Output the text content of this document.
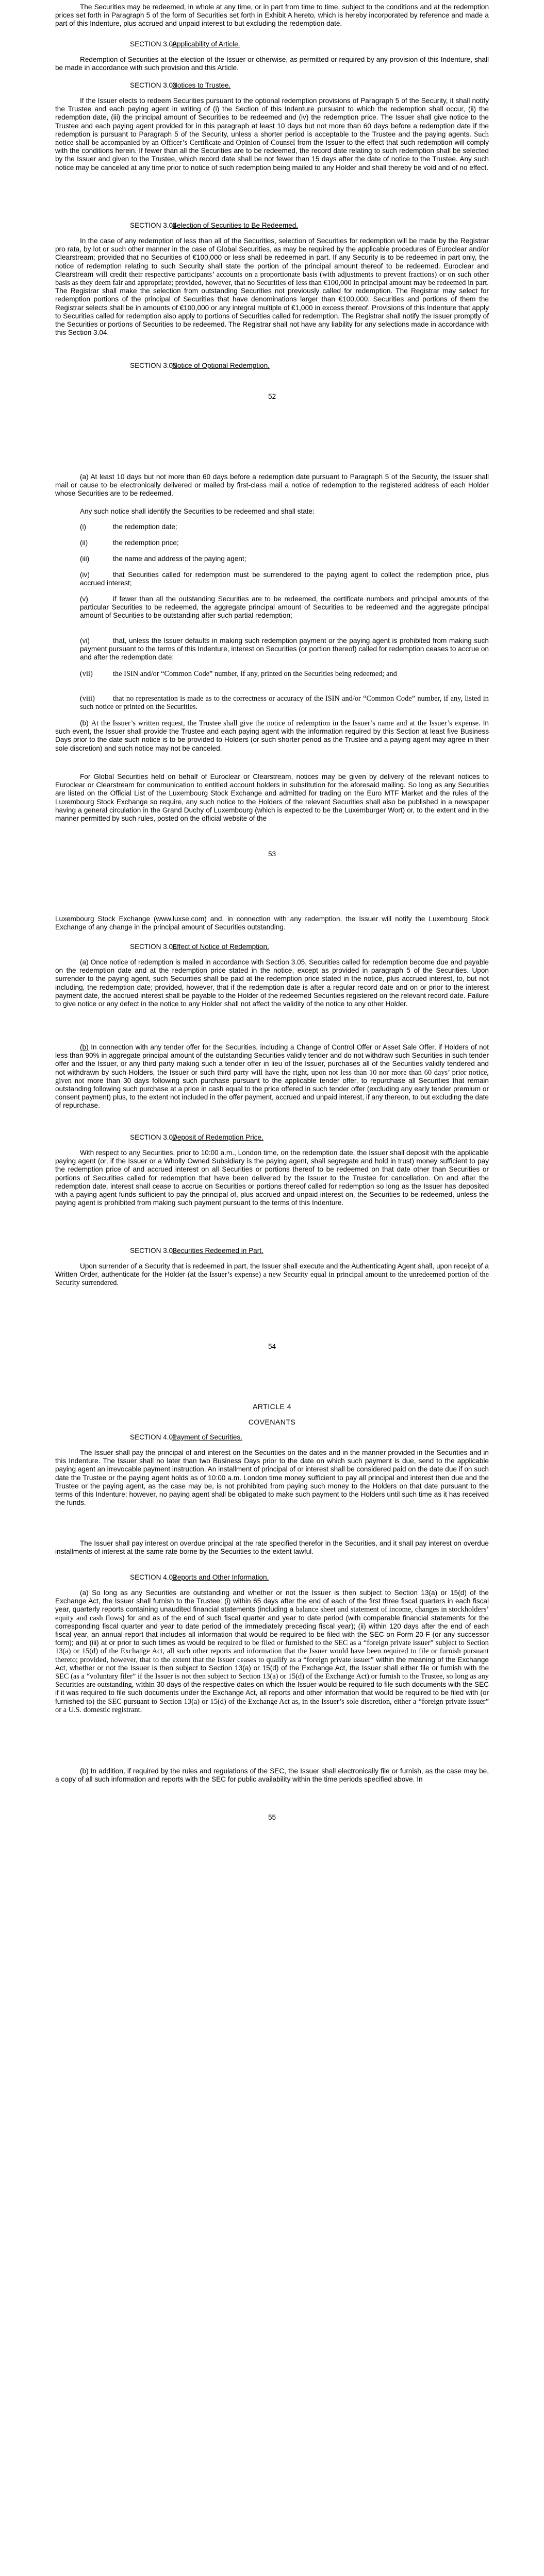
The Securities may be redeemed, in whole at any time, or in part from time to time, subject to the conditions and at the redemption prices set forth in Paragraph 5 of the form of Securities set forth in Exhibit A hereto, which is hereby incorporated by reference and made a part of this Indenture, plus accrued and unpaid interest to but excluding the redemption date.

SECTION 3.02Applicability of Article.

Redemption of Securities at the election of the Issuer or otherwise, as permitted or required by any provision of this Indenture, shall be made in accordance with such provision and this Article.

SECTION 3.03Notices to Trustee.

If the Issuer elects to redeem Securities pursuant to the optional redemption provisions of Paragraph 5 of the Security, it shall notify the Trustee and each paying agent in writing of (i) the Section of this Indenture pursuant to which the redemption shall occur, (ii) the redemption date, (iii) the principal amount of Securities to be redeemed and (iv) the redemption price. The Issuer shall give notice to the Trustee and each paying agent provided for in this paragraph at least 10 days but not more than 60 days before a redemption date if the redemption is pursuant to Paragraph 5 of the Security, unless a shorter period is acceptable to the Trustee and the paying agents. Such notice shall be accompanied by an Officer’s Certificate and Opinion of Counsel from the Issuer to the effect that such redemption will comply with the conditions herein. If fewer than all the Securities are to be redeemed, the record date relating to such redemption shall be selected by the Issuer and given to the Trustee, which record date shall be not fewer than 15 days after the date of notice to the Trustee. Any such notice may be canceled at any time prior to notice of such redemption being mailed to any Holder and shall thereby be void and of no effect.

SECTION 3.04Selection of Securities to Be Redeemed.

In the case of any redemption of less than all of the Securities, selection of Securities for redemption will be made by the Registrar pro rata, by lot or such other manner in the case of Global Securities, as may be required by the applicable procedures of Euroclear and/or Clearstream; provided that no Securities of €100,000 or less shall be redeemed in part. If any Security is to be redeemed in part only, the notice of redemption relating to such Security shall state the portion of the principal amount thereof to be redeemed. Euroclear and Clearstream will credit their respective participants’ accounts on a proportionate basis (with adjustments to prevent fractions) or on such other basis as they deem fair and appropriate; provided, however, that no Securities of less than €100,000 in principal amount may be redeemed in part. The Registrar shall make the selection from outstanding Securities not previously called for redemption. The Registrar may select for redemption portions of the principal of Securities that have denominations larger than €100,000. Securities and portions of them the Registrar selects shall be in amounts of €100,000 or any integral multiple of €1,000 in excess thereof. Provisions of this Indenture that apply to Securities called for redemption also apply to portions of Securities called for redemption. The Registrar shall notify the Issuer promptly of the Securities or portions of Securities to be redeemed. The Registrar shall not have any liability for any selections made in accordance with this Section 3.04.

SECTION 3.05Notice of Optional Redemption.
52

(a) At least 10 days but not more than 60 days before a redemption date pursuant to Paragraph 5 of the Security, the Issuer shall mail or cause to be electronically delivered or mailed by first-class mail a notice of redemption to the registered address of each Holder whose Securities are to be redeemed.

Any such notice shall identify the Securities to be redeemed and shall state:

(i)	the redemption date;

(ii)	the redemption price;

(iii)	the name and address of the paying agent;

(iv)	that Securities called for redemption must be surrendered to the paying agent to collect the redemption price, plus accrued interest;

(v)	if fewer than all the outstanding Securities are to be redeemed, the certificate numbers and principal amounts of the particular Securities to be redeemed, the aggregate principal amount of Securities to be redeemed and the aggregate principal amount of Securities to be outstanding after such partial redemption;

(vi)	that, unless the Issuer defaults in making such redemption payment or the paying agent is prohibited from making such payment pursuant to the terms of this Indenture, interest on Securities (or portion thereof) called for redemption ceases to accrue on and after the redemption date;

(vii)	the ISIN and/or “Common Code” number, if any, printed on the Securities being redeemed; and

(viii) that no representation is made as to the correctness or accuracy of the ISIN and/or “Common Code” number, if any, listed in such notice or printed on the Securities.

(b) At the Issuer’s written request, the Trustee shall give the notice of redemption in the Issuer’s name and at the Issuer’s expense. In such event, the Issuer shall provide the Trustee and each paying agent with the information required by this Section at least five Business Days prior to the date such notice is to be provided to Holders (or such shorter period as the Trustee and a paying agent may agree in their sole discretion) and such notice may not be canceled.

For Global Securities held on behalf of Euroclear or Clearstream, notices may be given by delivery of the relevant notices to Euroclear or Clearstream for communication to entitled account holders in substitution for the aforesaid mailing. So long as any Securities are listed on the Official List of the Luxembourg Stock Exchange and admitted for trading on the Euro MTF Market and the rules of the Luxembourg Stock Exchange so require, any such notice to the Holders of the relevant Securities shall also be published in a newspaper having a general circulation in the Grand Duchy of Luxembourg (which is expected to be the Luxemburger Wort) or, to the extent and in the manner permitted by such rules, posted on the official website of the

53

Luxembourg Stock Exchange (www.luxse.com) and, in connection with any redemption, the Issuer will notify the Luxembourg Stock Exchange of any change in the principal amount of Securities outstanding.

SECTION 3.06Effect of Notice of Redemption.

(a) Once notice of redemption is mailed in accordance with Section 3.05, Securities called for redemption become due and payable on the redemption date and at the redemption price stated in the notice, except as provided in paragraph 5 of the Securities. Upon surrender to the paying agent, such Securities shall be paid at the redemption price stated in the notice, plus accrued interest, to, but not including, the redemption date; provided, however, that if the redemption date is after a regular record date and on or prior to the interest payment date, the accrued interest shall be payable to the Holder of the redeemed Securities registered on the relevant record date. Failure to give notice or any defect in the notice to any Holder shall not affect the validity of the notice to any other Holder.

(b) In connection with any tender offer for the Securities, including a Change of Control Offer or Asset Sale Offer, if Holders of not less than 90% in aggregate principal amount of the outstanding Securities validly tender and do not withdraw such Securities in such tender offer and the Issuer, or any third party making such a tender offer in lieu of the Issuer, purchases all of the Securities validly tendered and not withdrawn by such Holders, the Issuer or such third party will have the right, upon not less than 10 nor more than 60 days’ prior notice, given not more than 30 days following such purchase pursuant to the applicable tender offer, to repurchase all Securities that remain outstanding following such purchase at a price in cash equal to the price offered in such tender offer (excluding any early tender premium or consent payment) plus, to the extent not included in the offer payment, accrued and unpaid interest, if any thereon, to but excluding the date of repurchase.

SECTION 3.07Deposit of Redemption Price.

With respect to any Securities, prior to 10:00 a.m., London time, on the redemption date, the Issuer shall deposit with the applicable paying agent (or, if the Issuer or a Wholly Owned Subsidiary is the paying agent, shall segregate and hold in trust) money sufficient to pay the redemption price of and accrued interest on all Securities or portions thereof to be redeemed on that date other than Securities or portions of Securities called for redemption that have been delivered by the Issuer to the Trustee for cancellation. On and after the redemption date, interest shall cease to accrue on Securities or portions thereof called for redemption so long as the Issuer has deposited with a paying agent funds sufficient to pay the principal of, plus accrued and unpaid interest on, the Securities to be redeemed, unless the paying agent is prohibited from making such payment pursuant to the terms of this Indenture.

SECTION 3.08Securities Redeemed in Part.

Upon surrender of a Security that is redeemed in part, the Issuer shall execute and the Authenticating Agent shall, upon receipt of a Written Order, authenticate for the Holder (at the Issuer’s expense) a new Security equal in principal amount to the unredeemed portion of the Security surrendered.

54
ARTICLE 4
COVENANTS
SECTION 4.01Payment of Securities.

The Issuer shall pay the principal of and interest on the Securities on the dates and in the manner provided in the Securities and in this Indenture. The Issuer shall no later than two Business Days prior to the date on which such payment is due, send to the applicable paying agent an irrevocable payment instruction. An installment of principal of or interest shall be considered paid on the date due if on such date the Trustee or the paying agent holds as of 10:00 a.m. London time money sufficient to pay all principal and interest then due and the Trustee or the paying agent, as the case may be, is not prohibited from paying such money to the Holders on that date pursuant to the terms of this Indenture; however, no paying agent shall be obligated to make such payment to the Holders until such time as it has received the funds.

The Issuer shall pay interest on overdue principal at the rate specified therefor in the Securities, and it shall pay interest on overdue installments of interest at the same rate borne by the Securities to the extent lawful.

SECTION 4.02Reports and Other Information.

(a) So long as any Securities are outstanding and whether or not the Issuer is then subject to Section 13(a) or 15(d) of the Exchange Act, the Issuer shall furnish to the Trustee: (i) within 65 days after the end of each of the first three fiscal quarters in each fiscal year, quarterly reports containing unaudited financial statements (including a balance sheet and statement of income, changes in stockholders’ equity and cash flows) for and as of the end of such fiscal quarter and year to date period (with comparable financial statements for the corresponding fiscal quarter and year to date period of the immediately preceding fiscal year); (ii) within 120 days after the end of each fiscal year, an annual report that includes all information that would be required to be filed with the SEC on Form 20-F (or any successor form); and (iii) at or prior to such times as would be required to be filed or furnished to the SEC as a “foreign private issuer” subject to Section 13(a) or 15(d) of the Exchange Act, all such other reports and information that the Issuer would have been required to file or furnish pursuant thereto; provided, however, that to the extent that the Issuer ceases to qualify as a “foreign private issuer” within the meaning of the Exchange Act, whether or not the Issuer is then subject to Section 13(a) or 15(d) of the Exchange Act, the Issuer shall either file or furnish with the SEC (as a “voluntary filer” if the Issuer is not then subject to Section 13(a) or 15(d) of the Exchange Act) or furnish to the Trustee, so long as any Securities are outstanding, within 30 days of the respective dates on which the Issuer would be required to file such documents with the SEC if it was required to file such documents under the Exchange Act, all reports and other information that would be required to be filed with (or furnished to) the SEC pursuant to Section 13(a) or 15(d) of the Exchange Act as, in the Issuer’s sole discretion, either a “foreign private issuer” or a U.S. domestic registrant.

(b) In addition, if required by the rules and regulations of the SEC, the Issuer shall electronically file or furnish, as the case may be, a copy of all such information and reports with the SEC for public availability within the time periods specified above. In

55
